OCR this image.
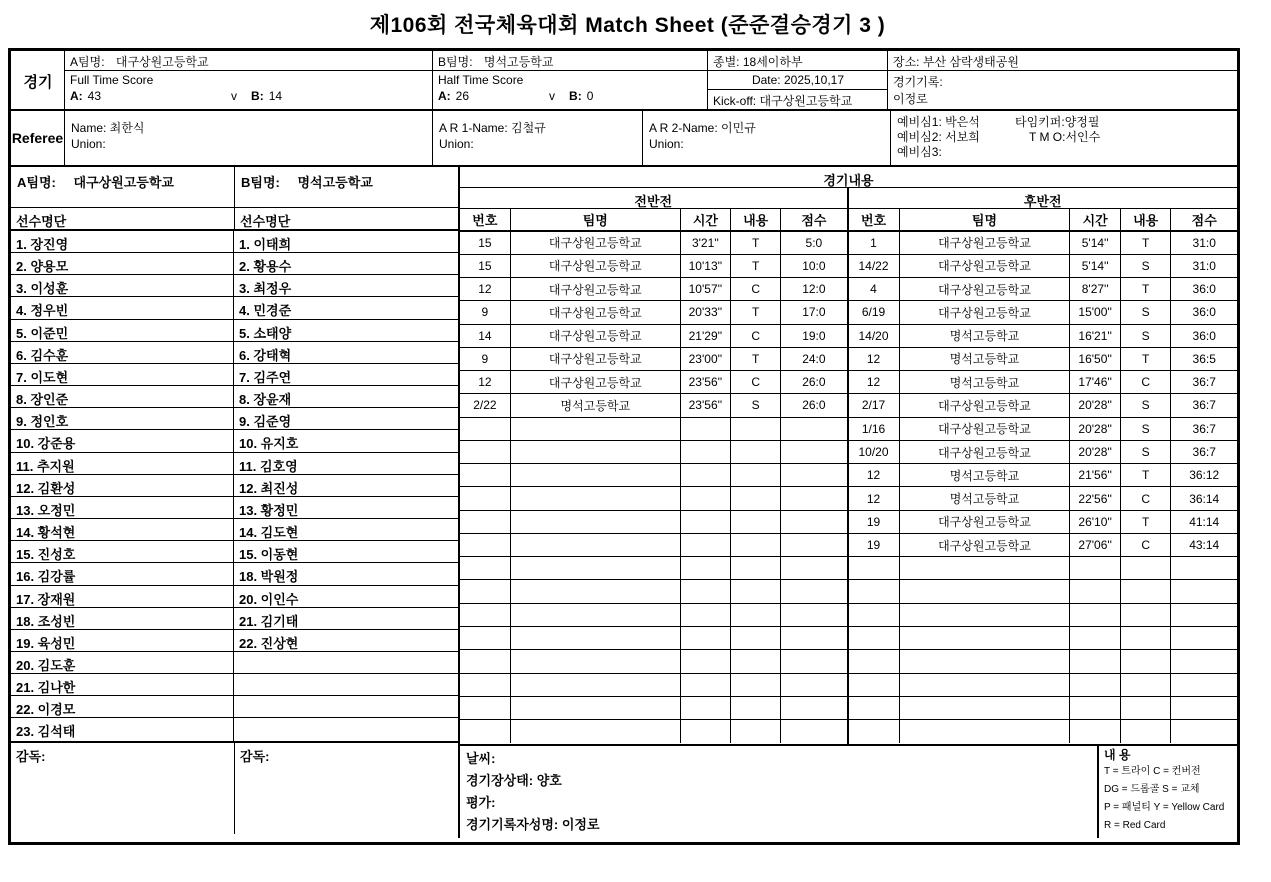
제106회 전국체육대회 Match Sheet (준준결승경기 3 )
경기
A팀명: 대구상원고등학교	B팀명: 명석고등학교	종별: 18세이하부	장소: 부산 삼락생태공원
Full Time Score
A: 43	v B: 14
Half Time Score
A: 26	v B: 0
Date: 2025,10,17	경기기록:
이정로
Kick-off: 대구상원고등학교
Referee
Name: 최한식
Union:
A R 1-Name: 김철규
Union:
A R 2-Name: 이민규
Union:
예비심1: 박은석
예비심2: 서보희
예비심3:
타임키퍼:양정필
T M O:서인수
A팀명: 대구상원고등학교	B팀명: 명석고등학교
선수명단	선수명단
1. 장진영
2. 양용모
3. 이성훈
4. 정우빈
5. 이준민
6. 김수훈
7. 이도현
8. 장인준
9. 정인호
10. 강준용
11. 추지원
12. 김환성
13. 오정민
14. 황석현
15. 진성호
16. 김강률
17. 장재원
18. 조성빈
19. 육성민
20. 김도훈
21. 김나한
22. 이경모
23. 김석태
1. 이태희
2. 황용수
3. 최정우
4. 민경준
5. 소태양
6. 강태혁
7. 김주연
8. 장윤재
9. 김준영
10. 유지호
11. 김호영
12. 최진성
13. 황정민
14. 김도현
15. 이동현
18. 박원정
20. 이인수
21. 김기태
22. 진상현
감독:	감독:
경기내용
전반전
번호	팀명	시간	내용	점수
15	대구상원고등학교	3'21''	T	5:0
15	대구상원고등학교	10'13''	T	10:0
12	대구상원고등학교	10'57''	C	12:0
9	대구상원고등학교	20'33''	T	17:0
14	대구상원고등학교	21'29''	C	19:0
9	대구상원고등학교	23'00''	T	24:0
12	대구상원고등학교	23'56''	C	26:0
2/22	명석고등학교	23'56''	S	26:0

후반전
번호	팀명	시간	내용	점수
1	대구상원고등학교	5'14''	T	31:0
14/22	대구상원고등학교	5'14''	S	31:0
4	대구상원고등학교	8'27''	T	36:0
6/19	대구상원고등학교	15'00''	S	36:0
14/20	명석고등학교	16'21''	S	36:0
12	명석고등학교	16'50''	T	36:5
12	명석고등학교	17'46''	C	36:7
2/17	대구상원고등학교	20'28''	S	36:7
1/16	대구상원고등학교	20'28''	S	36:7
10/20	대구상원고등학교	20'28''	S	36:7
12	명석고등학교	21'56''	T	36:12
12	명석고등학교	22'56''	C	36:14
19	대구상원고등학교	26'10''	T	41:14
19	대구상원고등학교	27'06''	C	43:14

날씨:
경기장상태: 양호
평가:
경기기록자성명: 이정로
내 용
T = 트라이 C = 컨버전
DG = 드롭골 S = 교체
P = 패널티 Y = Yellow Card
R = Red Card
